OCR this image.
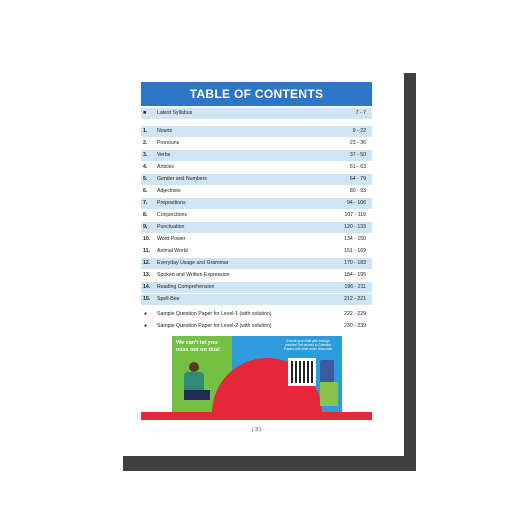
TABLE OF CONTENTS
■ Latest Syllabus	7 - 7
1. Nouns	9 - 22
2. Pronouns	23 - 36
3. Verbs	37 - 50
4. Articles	51 - 63
5. Gender and Numbers	64 - 79
6. Adjectives	80 - 93
7. Prepositions	94 - 106
8. Conjunctions	107 - 119
9. Punctuation	120 - 133
10. Word Power	134 - 150
11. Animal World	151 - 169
12. Everyday Usage and Grammar	170 - 183
13. Spoken and Written Expression	184 - 195
14. Reading Comprehension	196 - 211
15. Spell-Bee	212 - 221
● Sample Question Paper for Level-1 (with solution)	222 - 229
● Sample Question Paper for Level-2 (with solution)	230 - 239
We can't let you miss out on this!
Ensure your child gets enough practice! Get access to Question Papers and other exam resources
( 3 )
